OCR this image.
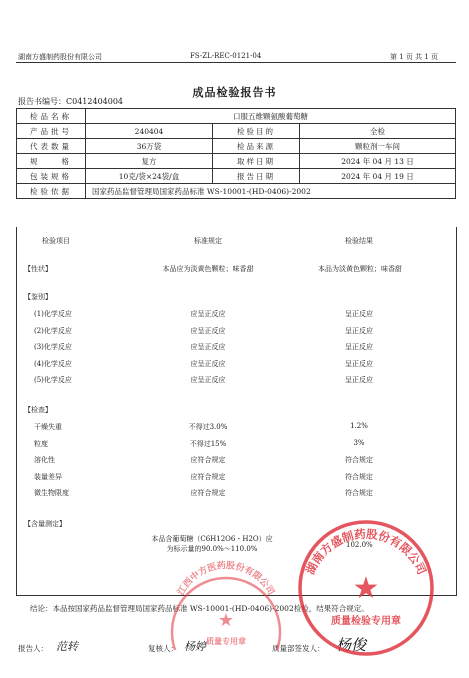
湖南方盛制药股份有限公司	FS-ZL-REC-0121-04	第 1 页 共 1 页
成品检验报告书
报告书编号：C0412404004
检品名称	口服五维颗氨酸葡萄糖		
产品批号	240404	检验目的	全检
代表数量	36万袋	检品来源	颗粒剂一车间
规　　格	复方	取样日期	2024 年 04 月 13 日
包装规格	10克/袋×24袋/盒	报告日期	2024 年 04 月 19 日
检验依据	国家药品监督管理局国家药品标准 WS-10001-(HD-0406)-2002		
检验项目	标准规定	检验结果
【性状】	本品应为淡黄色颗粒；味香甜	本品为淡黄色颗粒；味香甜
【鉴别】
(1)化学反应	应呈正反应	呈正反应
(2)化学反应	应呈正反应	呈正反应
(3)化学反应	应呈正反应	呈正反应
(4)化学反应	应呈正反应	呈正反应
(5)化学反应	应呈正反应	呈正反应
【检查】
干燥失重	不得过3.0%	1.2%
粒度	不得过15%	3%
溶化性	应符合规定	符合规定
装量差异	应符合规定	符合规定
微生物限度	应符合规定	符合规定
【含量测定】
本品含葡萄糖（C6H12O6・H2O）应
为标示量的90.0%～110.0%	102.0%
结论：本品按国家药品监督管理局国家药品标准 WS-10001-(HD-0406)-2002检验，结果符合规定。
报告人： 范转	复核人： 杨婷	质量部签发人： 杨俊
湖南方盛制药股份有限公司
★
质量检验专用章
江西中方医药股份有限公司
★
质量专用章
